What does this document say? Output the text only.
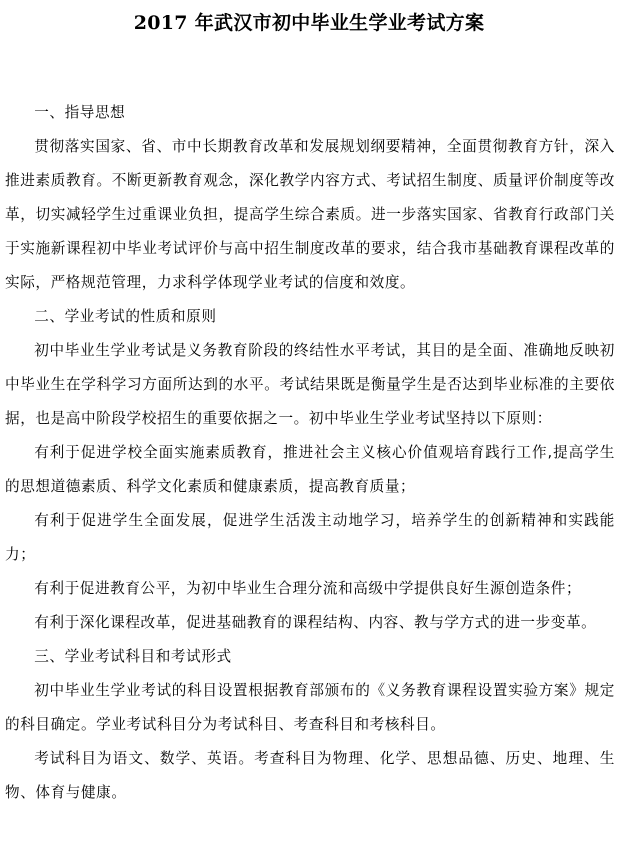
2017 年武汉市初中毕业生学业考试方案

一、指导思想

贯彻落实国家、省、市中长期教育改革和发展规划纲要精神，全面贯彻教育方针，深入推进素质教育。不断更新教育观念，深化教学内容方式、考试招生制度、质量评价制度等改革，切实减轻学生过重课业负担，提高学生综合素质。进一步落实国家、省教育行政部门关于实施新课程初中毕业考试评价与高中招生制度改革的要求，结合我市基础教育课程改革的实际，严格规范管理，力求科学体现学业考试的信度和效度。

二、学业考试的性质和原则

初中毕业生学业考试是义务教育阶段的终结性水平考试，其目的是全面、准确地反映初中毕业生在学科学习方面所达到的水平。考试结果既是衡量学生是否达到毕业标准的主要依据，也是高中阶段学校招生的重要依据之一。初中毕业生学业考试坚持以下原则：

有利于促进学校全面实施素质教育，推进社会主义核心价值观培育践行工作,提高学生的思想道德素质、科学文化素质和健康素质，提高教育质量；

有利于促进学生全面发展，促进学生活泼主动地学习，培养学生的创新精神和实践能力；

有利于促进教育公平，为初中毕业生合理分流和高级中学提供良好生源创造条件；

有利于深化课程改革，促进基础教育的课程结构、内容、教与学方式的进一步变革。

三、学业考试科目和考试形式

初中毕业生学业考试的科目设置根据教育部颁布的《义务教育课程设置实验方案》规定的科目确定。学业考试科目分为考试科目、考查科目和考核科目。

考试科目为语文、数学、英语。考查科目为物理、化学、思想品德、历史、地理、生物、体育与健康。
